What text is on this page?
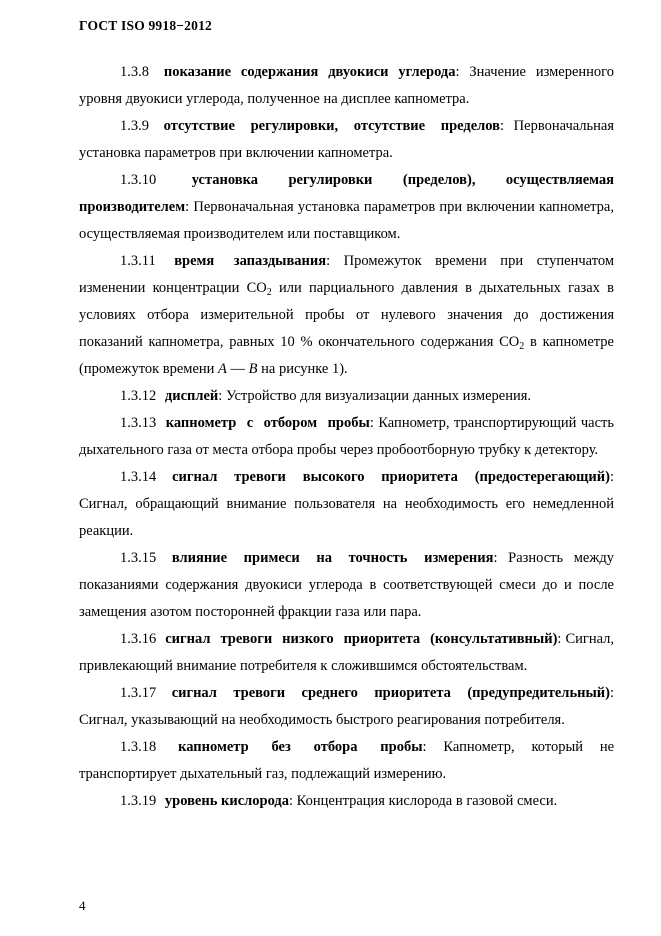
ГОСТ ISO 9918−2012

1.3.8 показание содержания двуокиси углерода: Значение измеренного уровня двуокиси углерода, полученное на дисплее капнометра.

1.3.9 отсутствие регулировки, отсутствие пределов: Первоначальная установка параметров при включении капнометра.

1.3.10 установка регулировки (пределов), осуществляемая производителем: Первоначальная установка параметров при включении капнометра, осуществляемая производителем или поставщиком.

1.3.11 время запаздывания: Промежуток времени при ступенчатом изменении концентрации $CO_2$ или парциального давления в дыхательных газах в условиях отбора измерительной пробы от нулевого значения до достижения показаний капнометра, равных 10 % окончательного содержания $CO_2$ в капнометре (промежуток времени A — B на рисунке 1).

1.3.12 дисплей: Устройство для визуализации данных измерения.

1.3.13 капнометр с отбором пробы: Капнометр, транспортирующий часть дыхательного газа от места отбора пробы через пробоотборную трубку к детектору.

1.3.14 сигнал тревоги высокого приоритета (предостерегающий): Сигнал, обращающий внимание пользователя на необходимость его немедленной реакции.

1.3.15 влияние примеси на точность измерения: Разность между показаниями содержания двуокиси углерода в соответствующей смеси до и после замещения азотом посторонней фракции газа или пара.

1.3.16 сигнал тревоги низкого приоритета (консультативный): Сигнал, привлекающий внимание потребителя к сложившимся обстоятельствам.

1.3.17 сигнал тревоги среднего приоритета (предупредительный): Сигнал, указывающий на необходимость быстрого реагирования потребителя.

1.3.18 капнометр без отбора пробы: Капнометр, который не транспортирует дыхательный газ, подлежащий измерению.

1.3.19 уровень кислорода: Концентрация кислорода в газовой смеси.

4
